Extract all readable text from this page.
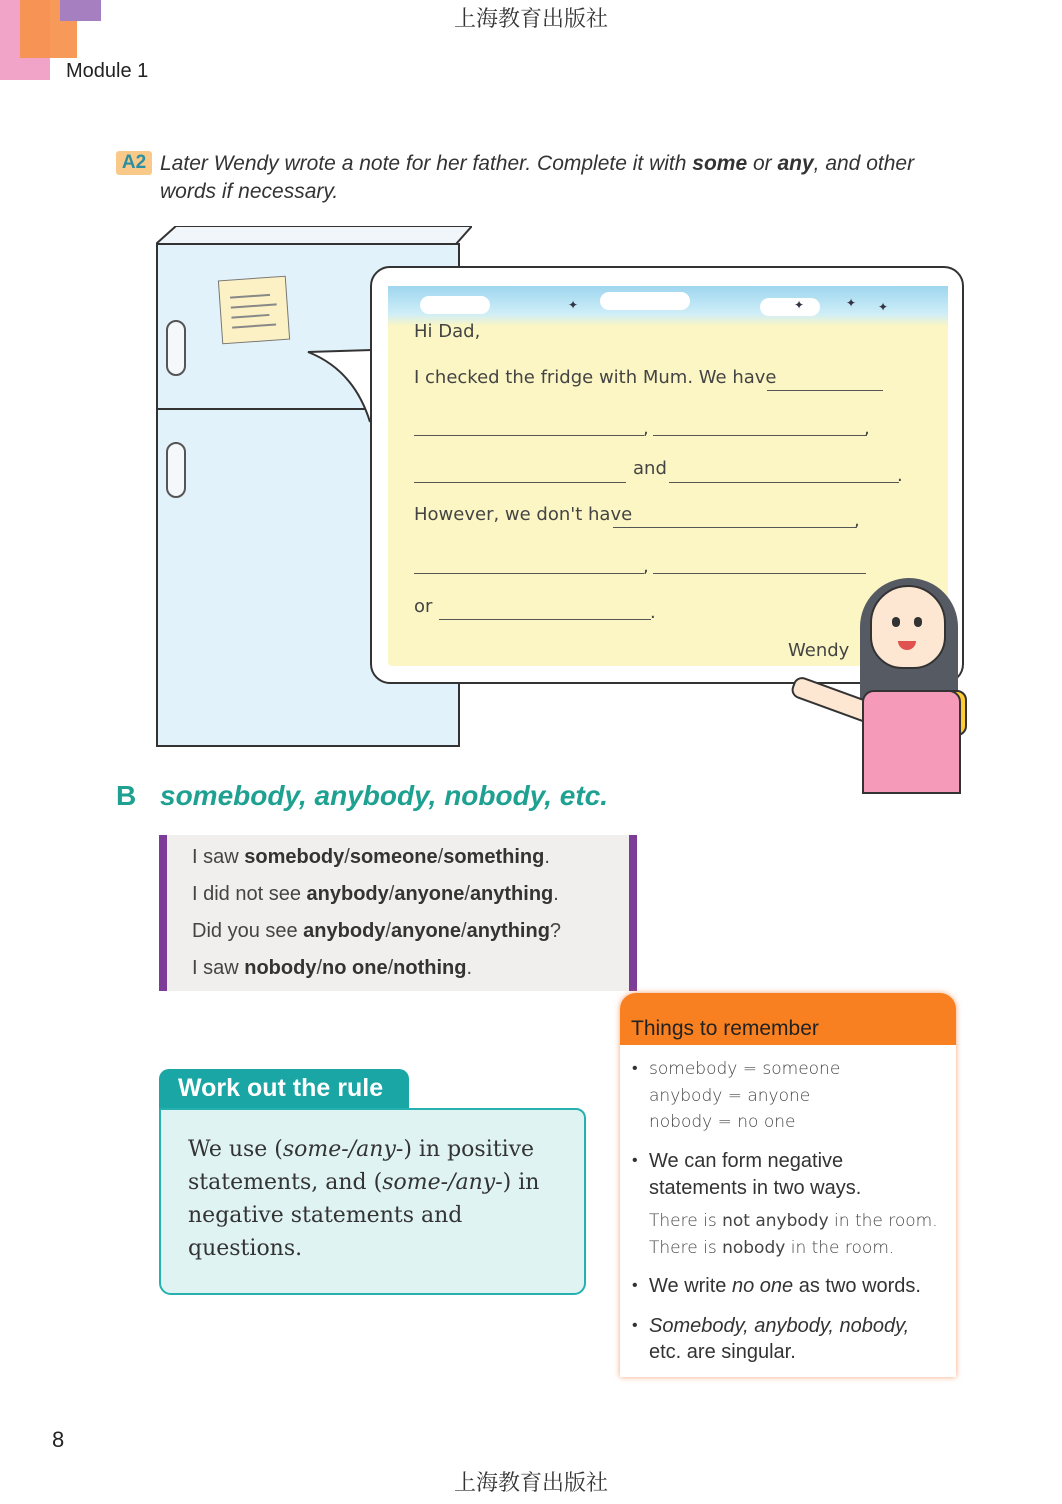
上海教育出版社
Module 1
A2 Later Wendy wrote a note for her father. Complete it with some or any, and other words if necessary.
✦	✦	✦ ✦
Hi Dad,
I checked the fridge with Mum. We have
,	,
and	.
However, we don't have	,
,
or	.
Wendy
B somebody, anybody, nobody, etc.
I saw somebody/someone/something.
I did not see anybody/anyone/anything.
Did you see anybody/anyone/anything?
I saw nobody/no one/nothing.
Work out the rule
We use (some-/any-) in positive statements, and (some-/any-) in negative statements and questions.
Things to remember
• somebody = someone
anybody = anyone
nobody = no one
• We can form negative
statements in two ways.
There is not anybody in the room.
There is nobody in the room.
• We write no one as two words.
• Somebody, anybody, nobody,
etc. are singular.
8
上海教育出版社
